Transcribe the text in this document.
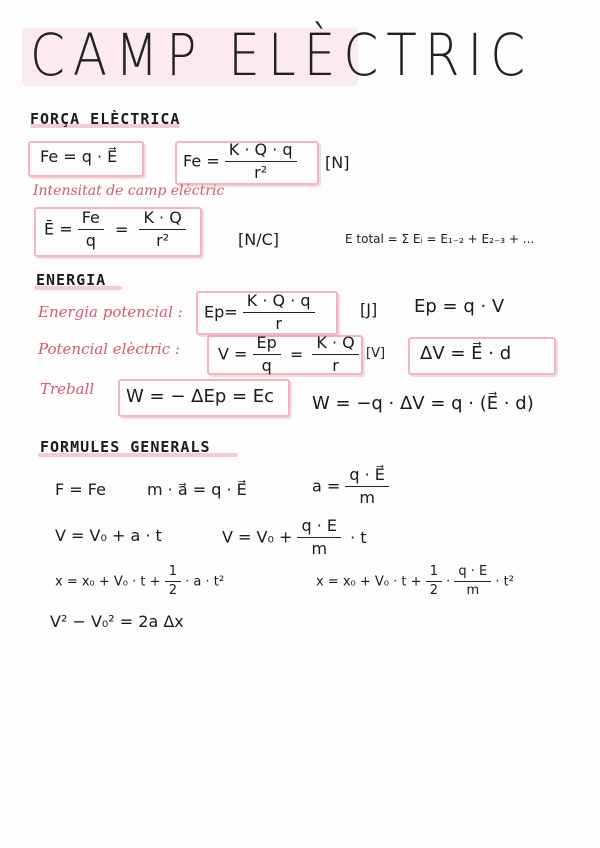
CAMP ELÈCTRIC
FORÇA ELÈCTRICA
Fe = q · E⃗	$Fe = \frac{K \cdot Q \cdot q}{\text{r²}} [N]$
Intensitat de camp elèctric
Ē = $\frac{Fe}{q} = \frac{K \cdot Q}{\text{r²}}$	[N/C]	E total = Σ Eᵢ = E₁₋₂ + E₂₋₃ + ...
ENERGIA
Energia potencial : $Ep= \frac{K \cdot Q \cdot q}{r}$	[J] Ep = q · V
Potencial elèctric : $V = \frac{Ep}{q} = \frac{K \cdot Q}{r} [V] \Delta V$ = E⃗ · d
Treball W = − ΔEp = Ec W = −q · ΔV = q · (E⃗ · d)
FORMULES GENERALS
F = Fe	m · a⃗ = q · E⃗	$a = \frac{q \cdot E⃗}{m}$
V = V₀ + a · t	$V = V_0 + \frac{q \cdot E}{m} \cdot t$
$x = x_0 + V_0 \cdot t + \frac{1}{2} \cdot a \cdot t^2$	$x = x_0 + V_0 \cdot t + \frac{1}{2} \cdot \frac{q \cdot E}{m} \cdot t^2$
V² − V₀² = 2a Δx
